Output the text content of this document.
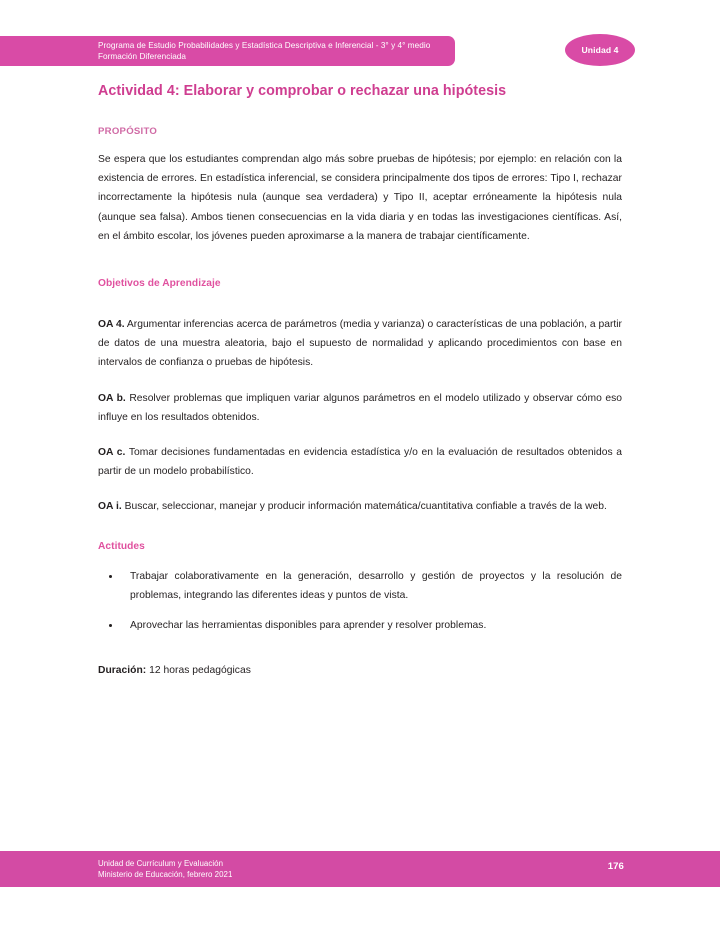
Programa de Estudio Probabilidades y Estadística Descriptiva e Inferencial - 3° y 4° medio
Formación Diferenciada
Unidad 4
Actividad 4: Elaborar y comprobar o rechazar una hipótesis
PROPÓSITO

Se espera que los estudiantes comprendan algo más sobre pruebas de hipótesis; por ejemplo: en relación con la existencia de errores. En estadística inferencial, se considera principalmente dos tipos de errores: Tipo I, rechazar incorrectamente la hipótesis nula (aunque sea verdadera) y Tipo II, aceptar erróneamente la hipótesis nula (aunque sea falsa). Ambos tienen consecuencias en la vida diaria y en todas las investigaciones científicas. Así, en el ámbito escolar, los jóvenes pueden aproximarse a la manera de trabajar científicamente.

Objetivos de Aprendizaje

OA 4. Argumentar inferencias acerca de parámetros (media y varianza) o características de una población, a partir de datos de una muestra aleatoria, bajo el supuesto de normalidad y aplicando procedimientos con base en intervalos de confianza o pruebas de hipótesis.

OA b. Resolver problemas que impliquen variar algunos parámetros en el modelo utilizado y observar cómo eso influye en los resultados obtenidos.

OA c. Tomar decisiones fundamentadas en evidencia estadística y/o en la evaluación de resultados obtenidos a partir de un modelo probabilístico.

OA i. Buscar, seleccionar, manejar y producir información matemática/cuantitativa confiable a través de la web.

Actitudes
Trabajar colaborativamente en la generación, desarrollo y gestión de proyectos y la resolución de problemas, integrando las diferentes ideas y puntos de vista.
Aprovechar las herramientas disponibles para aprender y resolver problemas.

Duración: 12 horas pedagógicas

Unidad de Currículum y Evaluación
Ministerio de Educación, febrero 2021
176
